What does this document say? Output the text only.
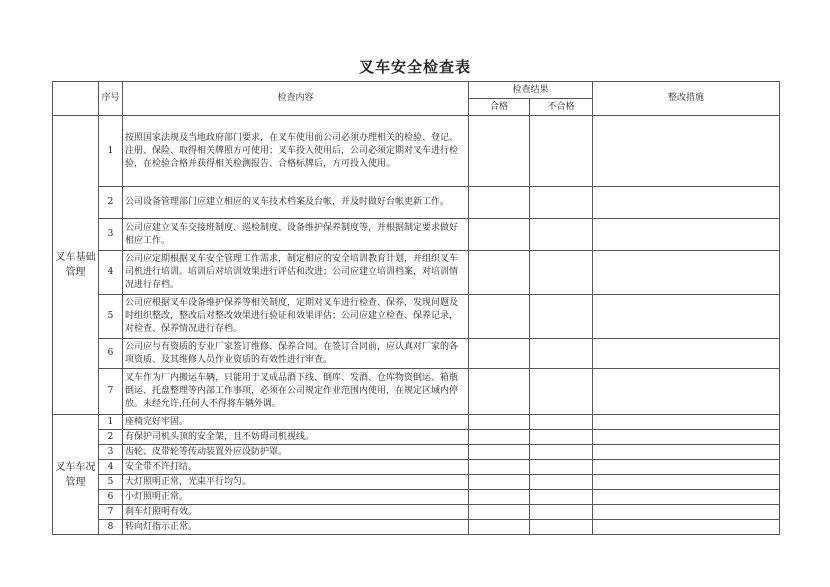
叉车安全检查表
	序号	检查内容	检查结果		整改措施
			合格	不合格	
叉车基础管理	1	按照国家法规及当地政府部门要求，在叉车使用前公司必须办理相关的检验、登记、注册、保险、取得相关牌照方可使用；叉车投入使用后，公司必须定期对叉车进行检验，在检验合格并获得相关检测报告、合格标牌后，方可投入使用。			
	2	公司设备管理部门应建立相应的叉车技术档案及台帐，并及时做好台帐更新工作。			
	3	公司应建立叉车交接班制度、巡检制度、设备维护保养制度等，并根据制定要求做好相应工作。			
	4	公司应定期根据叉车安全管理工作需求，制定相应的安全培训教育计划，并组织叉车司机进行培训。培训后对培训效果进行评估和改进；公司应建立培训档案，对培训情况进行存档。			
	5	公司应根据叉车设备维护保养等相关制度，定期对叉车进行检查、保养，发现问题及时组织整改，整改后对整改效果进行验证和效果评估；公司应建立检查、保养记录，对检查、保养情况进行存档。			
	6	公司应与有资质的专业厂家签订维修、保养合同。在签订合同前，应认真对厂家的各项资质、及其维修人员作业资质的有效性进行审查。			
	7	叉车作为厂内搬运车辆，只能用于叉成品酒下线、倒库、发酒、仓库物资倒运、箱瓶倒运、托盘整理等内部工作事项，必须在公司规定作业范围内使用，在规定区域内停放。未经允许,任何人不得将车辆外调。			
叉车车况管理	1	座椅完好牢固。			
	2	有保护司机头顶的安全架，且不妨碍司机视线。			
	3	齿轮、皮带轮等传动装置外应设防护罩。			
	4	安全带不许打结。			
	5	大灯照明正常，光束平行均匀。			
	6	小灯照明正常。			
	7	刹车灯照明有效。			
	8	转向灯指示正常。			
